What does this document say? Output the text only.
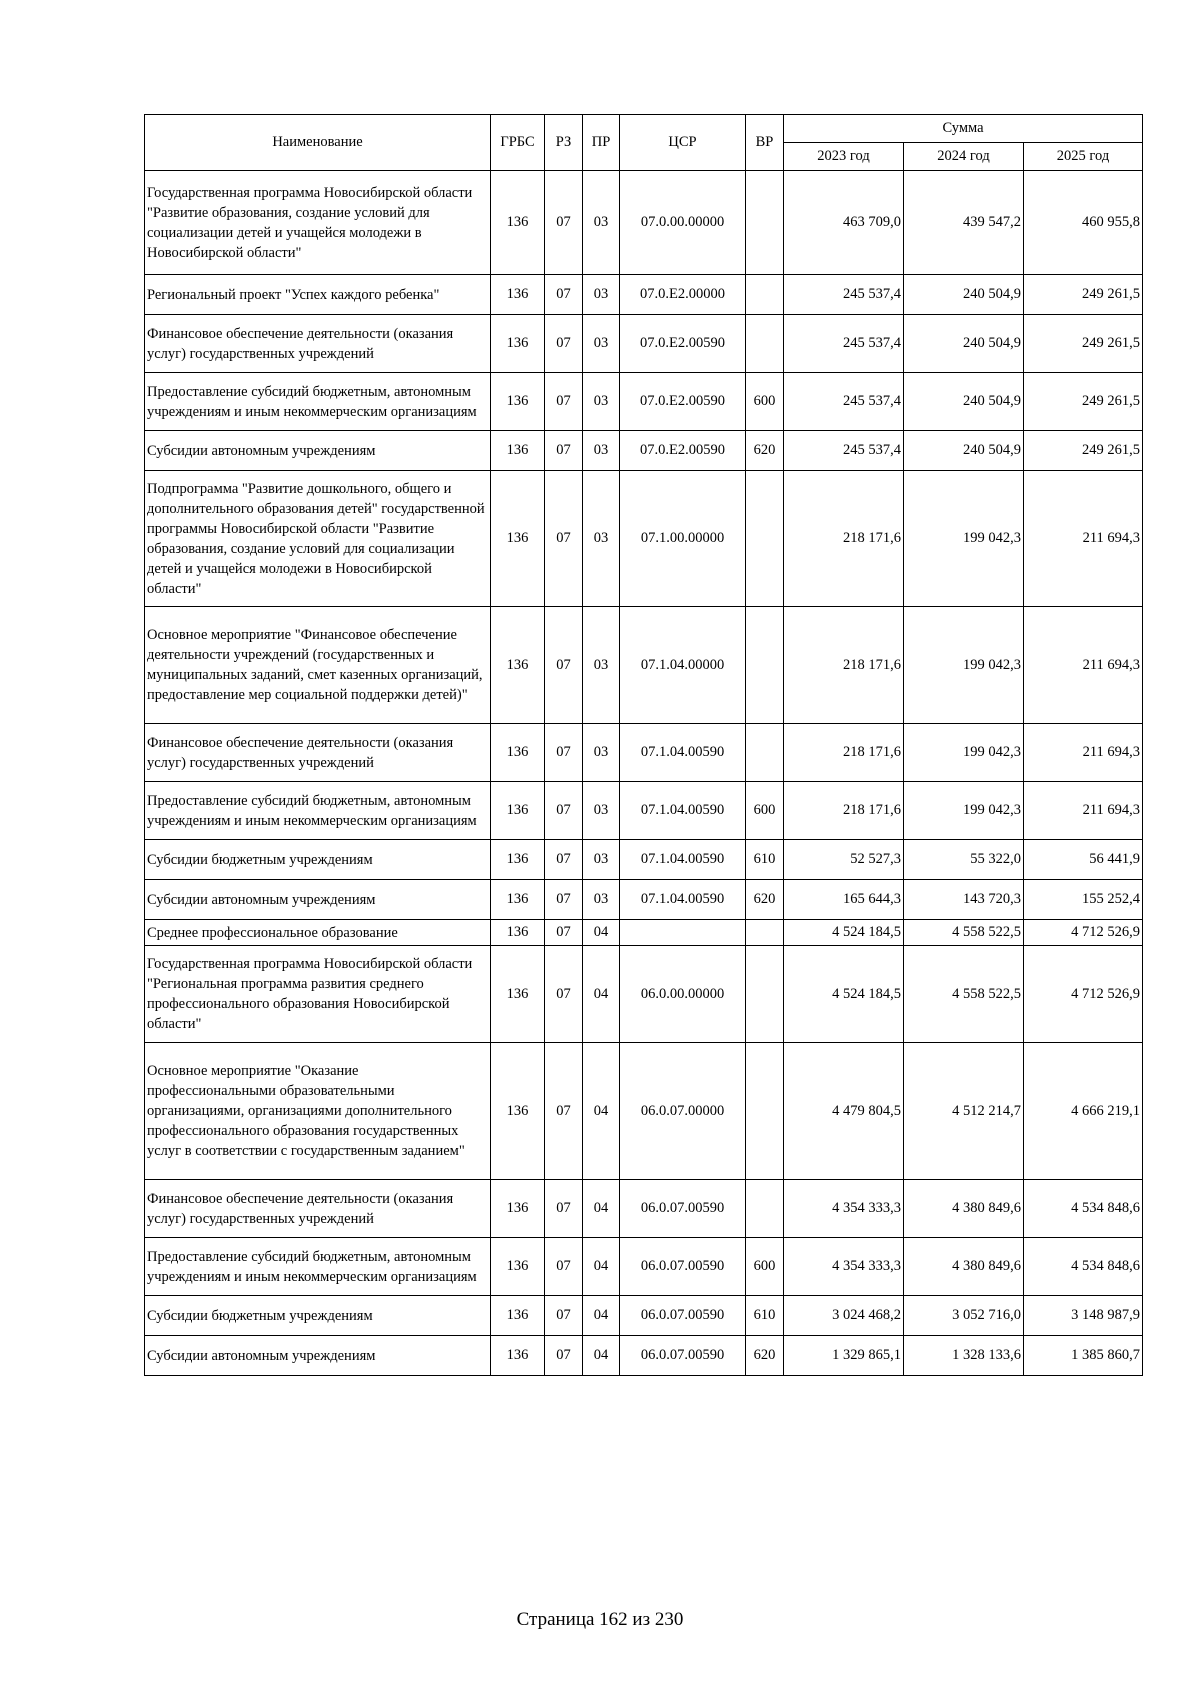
Наименование	ГРБС	РЗ	ПР	ЦСР	ВР	Сумма		
						2023 год	2024 год	2025 год
Государственная программа Новосибирской области "Развитие образования, создание условий для социализации детей и учащейся молодежи в Новосибирской области"	136	07	03	07.0.00.00000		463 709,0	439 547,2	460 955,8
Региональный проект "Успех каждого ребенка"	136	07	03	07.0.E2.00000		245 537,4	240 504,9	249 261,5
Финансовое обеспечение деятельности (оказания услуг) государственных учреждений	136	07	03	07.0.E2.00590		245 537,4	240 504,9	249 261,5
Предоставление субсидий бюджетным, автономным учреждениям и иным некоммерческим организациям	136	07	03	07.0.E2.00590	600	245 537,4	240 504,9	249 261,5
Субсидии автономным учреждениям	136	07	03	07.0.E2.00590	620	245 537,4	240 504,9	249 261,5
Подпрограмма "Развитие дошкольного, общего и дополнительного образования детей" государственной программы Новосибирской области "Развитие образования, создание условий для социализации детей и учащейся молодежи в Новосибирской области"	136	07	03	07.1.00.00000		218 171,6	199 042,3	211 694,3
Основное мероприятие "Финансовое обеспечение деятельности учреждений (государственных и муниципальных заданий, смет казенных организаций, предоставление мер социальной поддержки детей)"	136	07	03	07.1.04.00000		218 171,6	199 042,3	211 694,3
Финансовое обеспечение деятельности (оказания услуг) государственных учреждений	136	07	03	07.1.04.00590		218 171,6	199 042,3	211 694,3
Предоставление субсидий бюджетным, автономным учреждениям и иным некоммерческим организациям	136	07	03	07.1.04.00590	600	218 171,6	199 042,3	211 694,3
Субсидии бюджетным учреждениям	136	07	03	07.1.04.00590	610	52 527,3	55 322,0	56 441,9
Субсидии автономным учреждениям	136	07	03	07.1.04.00590	620	165 644,3	143 720,3	155 252,4
Среднее профессиональное образование	136	07	04			4 524 184,5	4 558 522,5	4 712 526,9
Государственная программа Новосибирской области "Региональная программа развития среднего профессионального образования Новосибирской области"	136	07	04	06.0.00.00000		4 524 184,5	4 558 522,5	4 712 526,9
Основное мероприятие "Оказание профессиональными образовательными организациями, организациями дополнительного профессионального образования государственных услуг в соответствии с государственным заданием"	136	07	04	06.0.07.00000		4 479 804,5	4 512 214,7	4 666 219,1
Финансовое обеспечение деятельности (оказания услуг) государственных учреждений	136	07	04	06.0.07.00590		4 354 333,3	4 380 849,6	4 534 848,6
Предоставление субсидий бюджетным, автономным учреждениям и иным некоммерческим организациям	136	07	04	06.0.07.00590	600	4 354 333,3	4 380 849,6	4 534 848,6
Субсидии бюджетным учреждениям	136	07	04	06.0.07.00590	610	3 024 468,2	3 052 716,0	3 148 987,9
Субсидии автономным учреждениям	136	07	04	06.0.07.00590	620	1 329 865,1	1 328 133,6	1 385 860,7
Страница 162 из 230
